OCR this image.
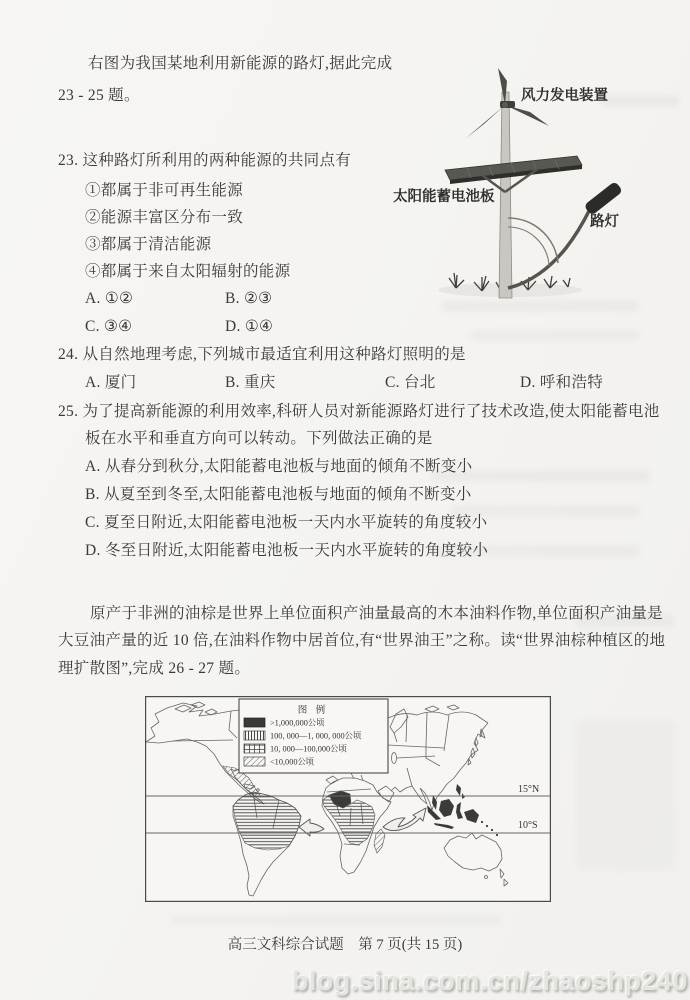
右图为我国某地利用新能源的路灯,据此完成
23 - 25 题。	风力发电装置
太阳能蓄电池板
路灯
23. 这种路灯所利用的两种能源的共同点有
①都属于非可再生能源
②能源丰富区分布一致
③都属于清洁能源
④都属于来自太阳辐射的能源
A. ①②	B. ②③
C. ③④	D. ①④
24. 从自然地理考虑,下列城市最适宜利用这种路灯照明的是
A. 厦门	B. 重庆	C. 台北	D. 呼和浩特
25. 为了提高新能源的利用效率,科研人员对新能源路灯进行了技术改造,使太阳能蓄电池
板在水平和垂直方向可以转动。下列做法正确的是
A. 从春分到秋分,太阳能蓄电池板与地面的倾角不断变小
B. 从夏至到冬至,太阳能蓄电池板与地面的倾角不断变小
C. 夏至日附近,太阳能蓄电池板一天内水平旋转的角度较小
D. 冬至日附近,太阳能蓄电池板一天内水平旋转的角度较小
原产于非洲的油棕是世界上单位面积产油量最高的木本油料作物,单位面积产油量是
大豆油产量的近 10 倍,在油料作物中居首位,有“世界油王”之称。读“世界油棕种植区的地
理扩散图”,完成 26 - 27 题。
15°N
10°S
图 例
>1,000,000公顷
100, 000—1, 000, 000公顷
10, 000—100,000公顷
<10,000公顷
高三文科综合试题　第 7 页(共 15 页)
blog.sina.com.cn/zhaoshp240
